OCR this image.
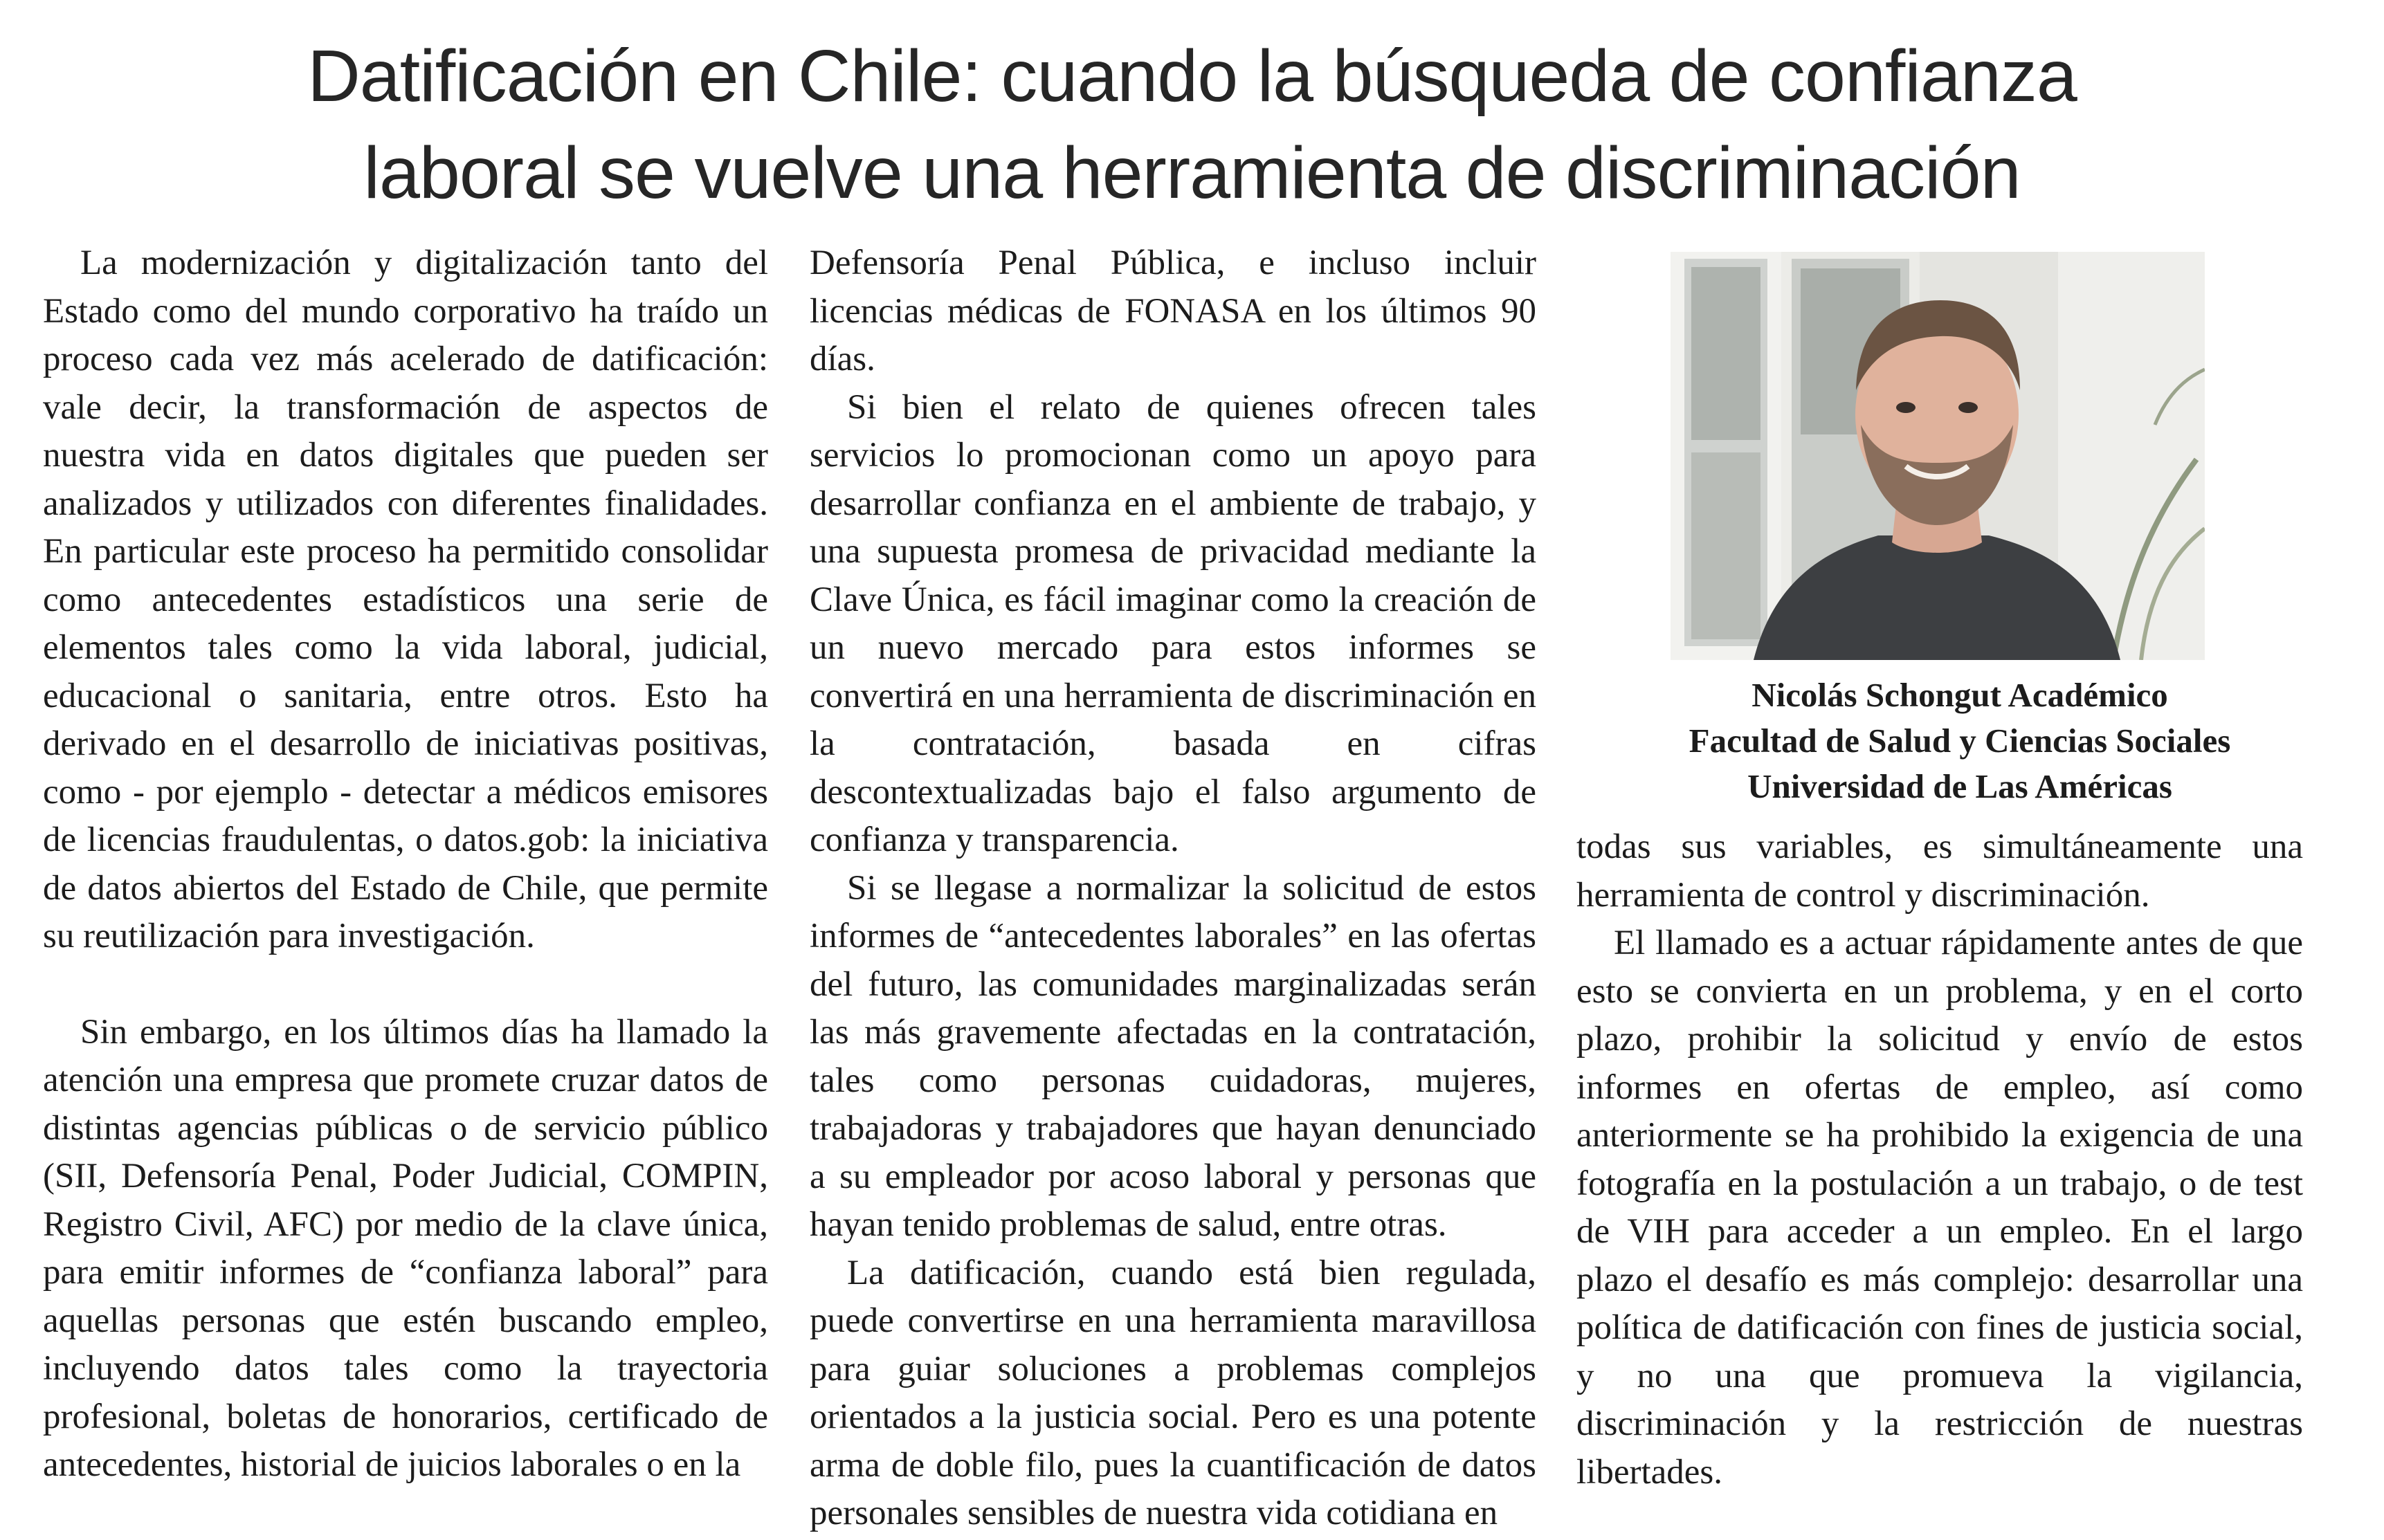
Datificación en Chile: cuando la búsqueda de confianza
laboral se vuelve una herramienta de discriminación

La modernización y digitalización tanto del Estado como del mundo corporativo ha traído un proceso cada vez más acelerado de datificación: vale decir, la transformación de aspectos de nuestra vida en datos digitales que pueden ser analizados y utilizados con diferentes finalidades. En particular este proceso ha permitido consolidar como antecedentes estadísticos una serie de elementos tales como la vida laboral, judicial, educacional o sanitaria, entre otros. Esto ha derivado en el desarrollo de iniciativas positivas, como - por ejemplo - detectar a médicos emisores de licencias fraudulentas, o datos.gob: la iniciativa de datos abiertos del Estado de Chile, que permite su reutilización para investigación.

Sin embargo, en los últimos días ha llamado la atención una empresa que promete cruzar datos de distintas agencias públicas o de servicio público (SII, Defensoría Penal, Poder Judicial, COMPIN, Registro Civil, AFC) por medio de la clave única, para emitir informes de “confianza laboral” para aquellas personas que estén buscando empleo, incluyendo datos tales como la trayectoria profesional, boletas de honorarios, certificado de antecedentes, historial de juicios laborales o en la

Defensoría Penal Pública, e incluso incluir licencias médicas de FONASA en los últimos 90 días.

Si bien el relato de quienes ofrecen tales servicios lo promocionan como un apoyo para desarrollar confianza en el ambiente de trabajo, y una supuesta promesa de privacidad mediante la Clave Única, es fácil imaginar como la creación de un nuevo mercado para estos informes se convertirá en una herramienta de discriminación en la contratación, basada en cifras descontextualizadas bajo el falso argumento de confianza y transparencia.

Si se llegase a normalizar la solicitud de estos informes de “antecedentes laborales” en las ofertas del futuro, las comunidades marginalizadas serán las más gravemente afectadas en la contratación, tales como personas cuidadoras, mujeres, trabajadoras y trabajadores que hayan denunciado a su empleador por acoso laboral y personas que hayan tenido problemas de salud, entre otras.

La datificación, cuando está bien regulada, puede convertirse en una herramienta maravillosa para guiar soluciones a problemas complejos orientados a la justicia social. Pero es una potente arma de doble filo, pues la cuantificación de datos personales sensibles de nuestra vida cotidiana en

Nicolás Schongut Académico
Facultad de Salud y Ciencias Sociales
Universidad de Las Américas

todas sus variables, es simultáneamente una herramienta de control y discriminación.

El llamado es a actuar rápidamente antes de que esto se convierta en un problema, y en el corto plazo, prohibir la solicitud y envío de estos informes en ofertas de empleo, así como anteriormente se ha prohibido la exigencia de una fotografía en la postulación a un trabajo, o de test de VIH para acceder a un empleo. En el largo plazo el desafío es más complejo: desarrollar una política de datificación con fines de justicia social, y no una que promueva la vigilancia, discriminación y la restricción de nuestras libertades.
